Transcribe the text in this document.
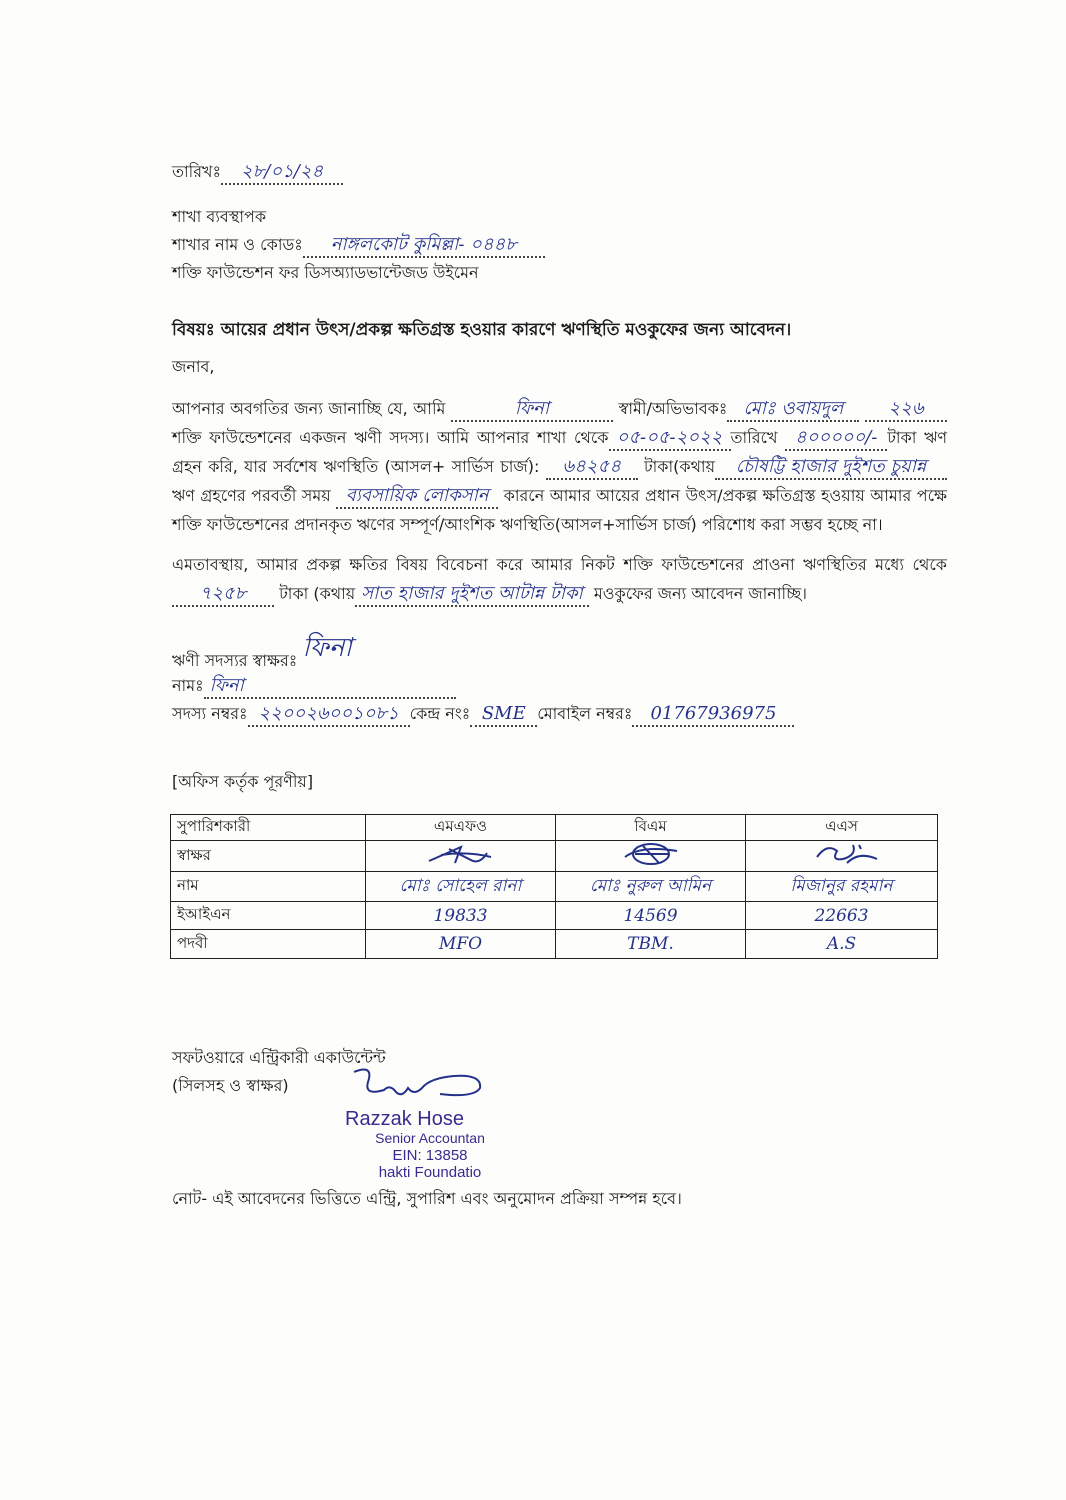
তারিখঃ ২৮/০১/২৪
শাখা ব্যবস্থাপক
শাখার নাম ও কোডঃ নাঙ্গলকোট কুমিল্লা- ০৪৪৮
শক্তি ফাউন্ডেশন ফর ডিসঅ্যাডভান্টেজড উইমেন
বিষয়ঃ আয়ের প্রধান উৎস/প্রকল্প ক্ষতিগ্রস্ত হওয়ার কারণে ঋণস্থিতি মওকুফের জন্য আবেদন।
জনাব,
আপনার অবগতির জন্য জানাচ্ছি যে, আমি	ফিনা	স্বামী/অভিভাবকঃ মোঃ ওবায়দুল	২২৬শক্তি ফাউন্ডেশনের একজন ঋণী সদস্য। আমি আপনার শাখা থেকে ০৫-০৫-২০২২ তারিখে ৪০০০০০/- টাকা ঋণ গ্রহন করি, যার সর্বশেষ ঋণস্থিতি (আসল+ সার্ভিস চার্জ): ৬৪২৫৪ টাকা(কথায় চৌষট্টি হাজার দুইশত চুয়ান্ন ঋণ গ্রহণের পরবর্তী সময় ব্যবসায়িক লোকসান কারনে আমার আয়ের প্রধান উৎস/প্রকল্প ক্ষতিগ্রস্ত হওয়ায় আমার পক্ষে শক্তি ফাউন্ডেশনের প্রদানকৃত ঋণের সম্পূর্ণ/আংশিক ঋণস্থিতি(আসল+সার্ভিস চার্জ) পরিশোধ করা সম্ভব হচ্ছে না।
এমতাবস্থায়, আমার প্রকল্প ক্ষতির বিষয় বিবেচনা করে আমার নিকট শক্তি ফাউন্ডেশনের প্রাওনা ঋণস্থিতির মধ্যে থেকে৭২৫৮ টাকা (কথায় সাত হাজার দুইশত আটান্ন টাকা মওকুফের জন্য আবেদন জানাচ্ছি।
ঋণী সদস্যর স্বাক্ষরঃ ফিনা
নামঃ ফিনা
সদস্য নম্বরঃ ২২০০২৬০০১০৮১ কেন্দ্র নংঃ SME মোবাইল নম্বরঃ 01767936975
[অফিস কর্তৃক পূরণীয়]
সুপারিশকারী	এমএফও	বিএম	এএস
স্বাক্ষর			
নাম	মোঃ সোহেল রানা	মোঃ নুরুল আমিন	মিজানুর রহমান
ইআইএন	19833	14569	22663
পদবী	MFO	TBM.	A.S
সফটওয়ারে এন্ট্রিকারী একাউন্টেন্ট
(সিলসহ ও স্বাক্ষর)
Razzak Hose
Senior Accountan
EIN: 13858
hakti Foundatio
নোট- এই আবেদনের ভিত্তিতে এন্ট্রি, সুপারিশ এবং অনুমোদন প্রক্রিয়া সম্পন্ন হবে।
